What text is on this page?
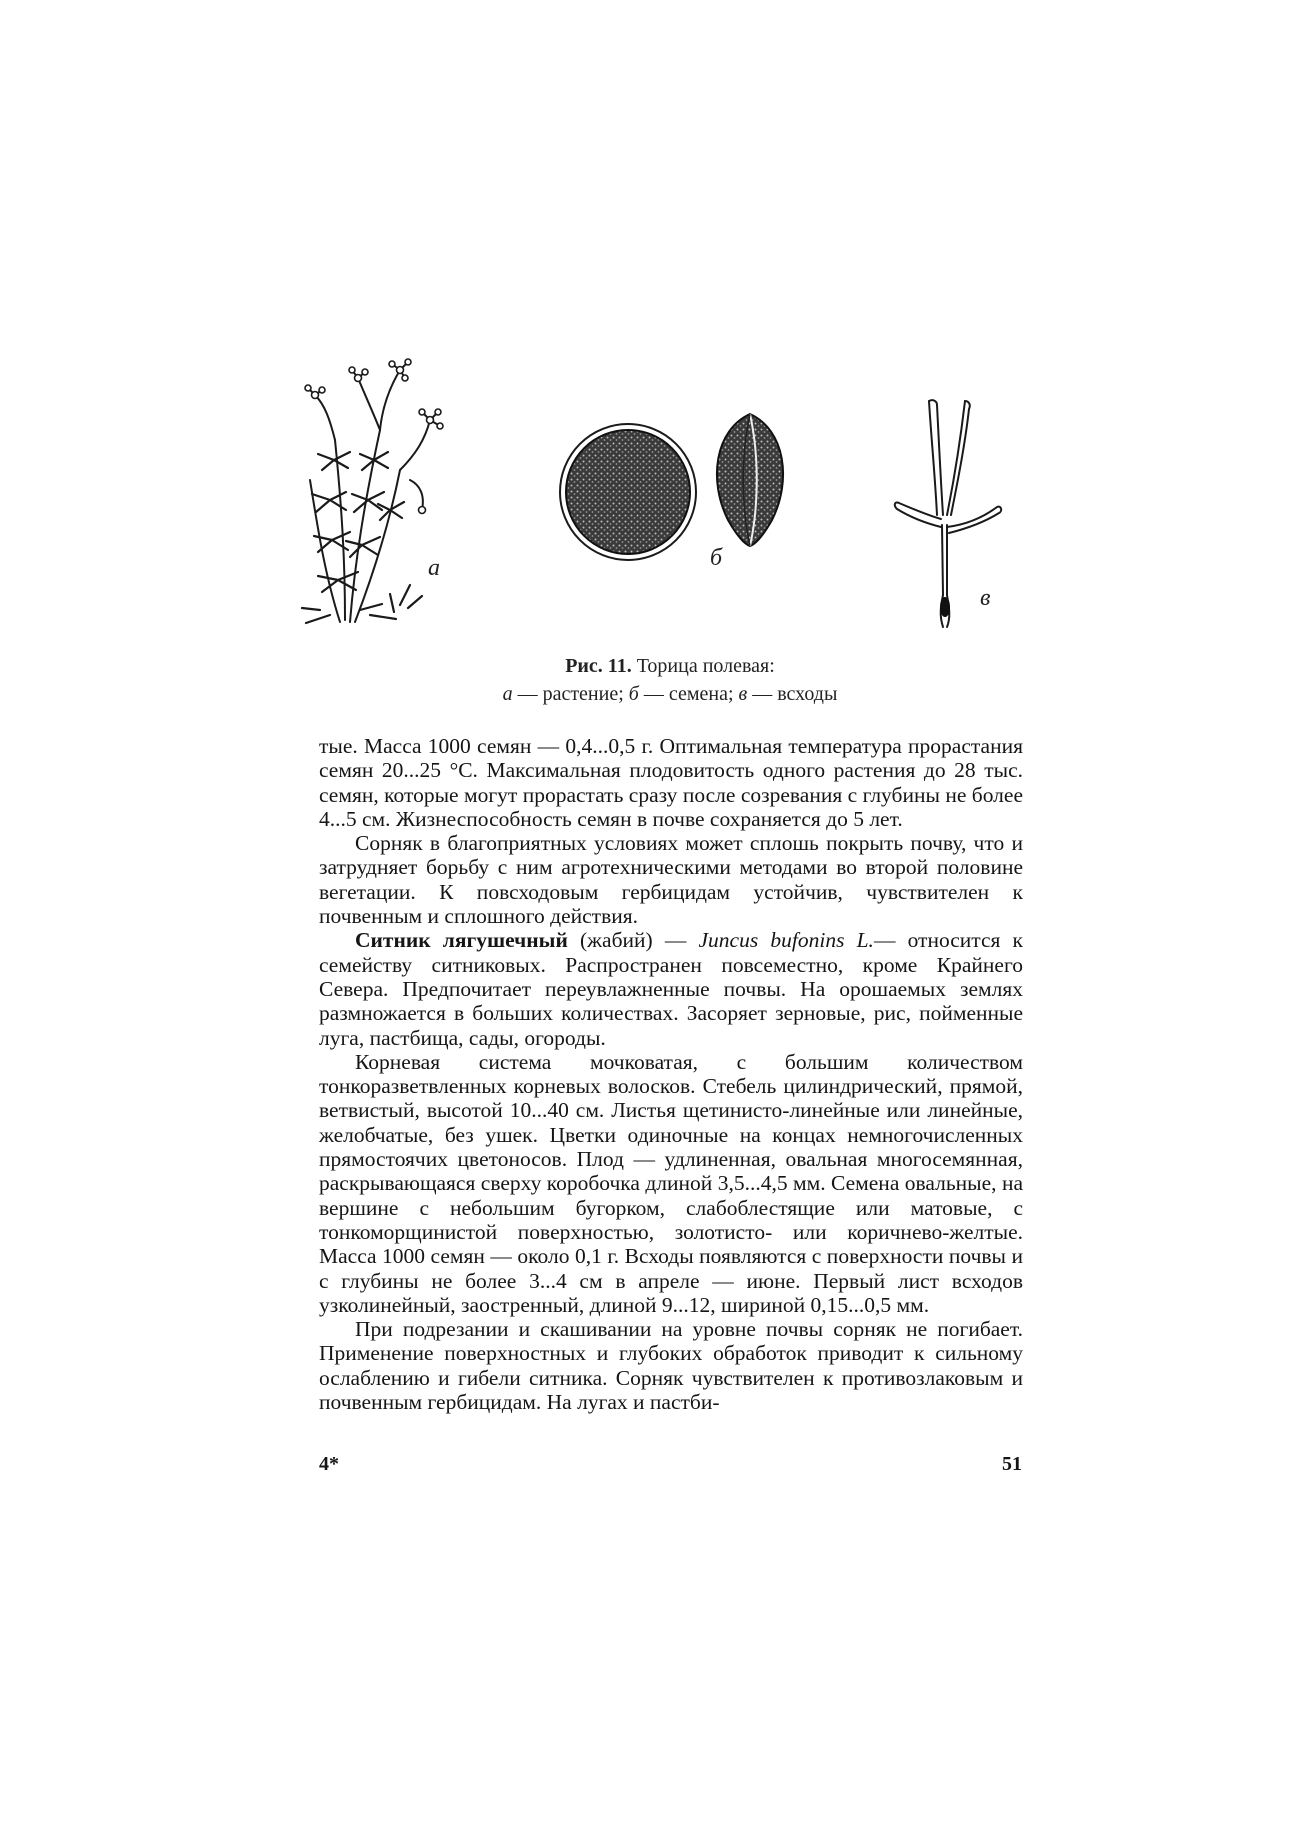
а	б
в
Рис. 11. Торица полевая:
а — растение; б — семена; в — всходы

тые. Масса 1000 семян — 0,4...0,5 г. Оптимальная температура прорастания семян 20...25 °С. Максимальная плодовитость одного растения до 28 тыс. семян, которые могут прорастать сразу после созревания с глубины не более 4...5 см. Жизнеспособность семян в почве сохраняется до 5 лет.

Сорняк в благоприятных условиях может сплошь покрыть почву, что и затрудняет борьбу с ним агротехническими методами во второй половине вегетации. К повсходовым гербицидам устойчив, чувствителен к почвенным и сплошного действия.

Ситник лягушечный (жабий) — Juncus bufonins L.— относится к семейству ситниковых. Распространен повсеместно, кроме Крайнего Севера. Предпочитает переувлажненные почвы. На орошаемых землях размножается в больших количествах. Засоряет зерновые, рис, пойменные луга, пастбища, сады, огороды.

Корневая система мочковатая, с большим количеством тонкоразветвленных корневых волосков. Стебель цилиндрический, прямой, ветвистый, высотой 10...40 см. Листья щетинисто-линейные или линейные, желобчатые, без ушек. Цветки одиночные на концах немногочисленных прямостоячих цветоносов. Плод — удлиненная, овальная многосемянная, раскрывающаяся сверху коробочка длиной 3,5...4,5 мм. Семена овальные, на вершине с небольшим бугорком, слабоблестящие или матовые, с тонкоморщинистой поверхностью, золотисто- или коричнево-желтые. Масса 1000 семян — около 0,1 г. Всходы появляются с поверхности почвы и с глубины не более 3...4 см в апреле — июне. Первый лист всходов узколинейный, заостренный, длиной 9...12, шириной 0,15...0,5 мм.

При подрезании и скашивании на уровне почвы сорняк не погибает. Применение поверхностных и глубоких обработок приводит к сильному ослаблению и гибели ситника. Сорняк чувствителен к противозлаковым и почвенным гербицидам. На лугах и пастби-

4*	51
